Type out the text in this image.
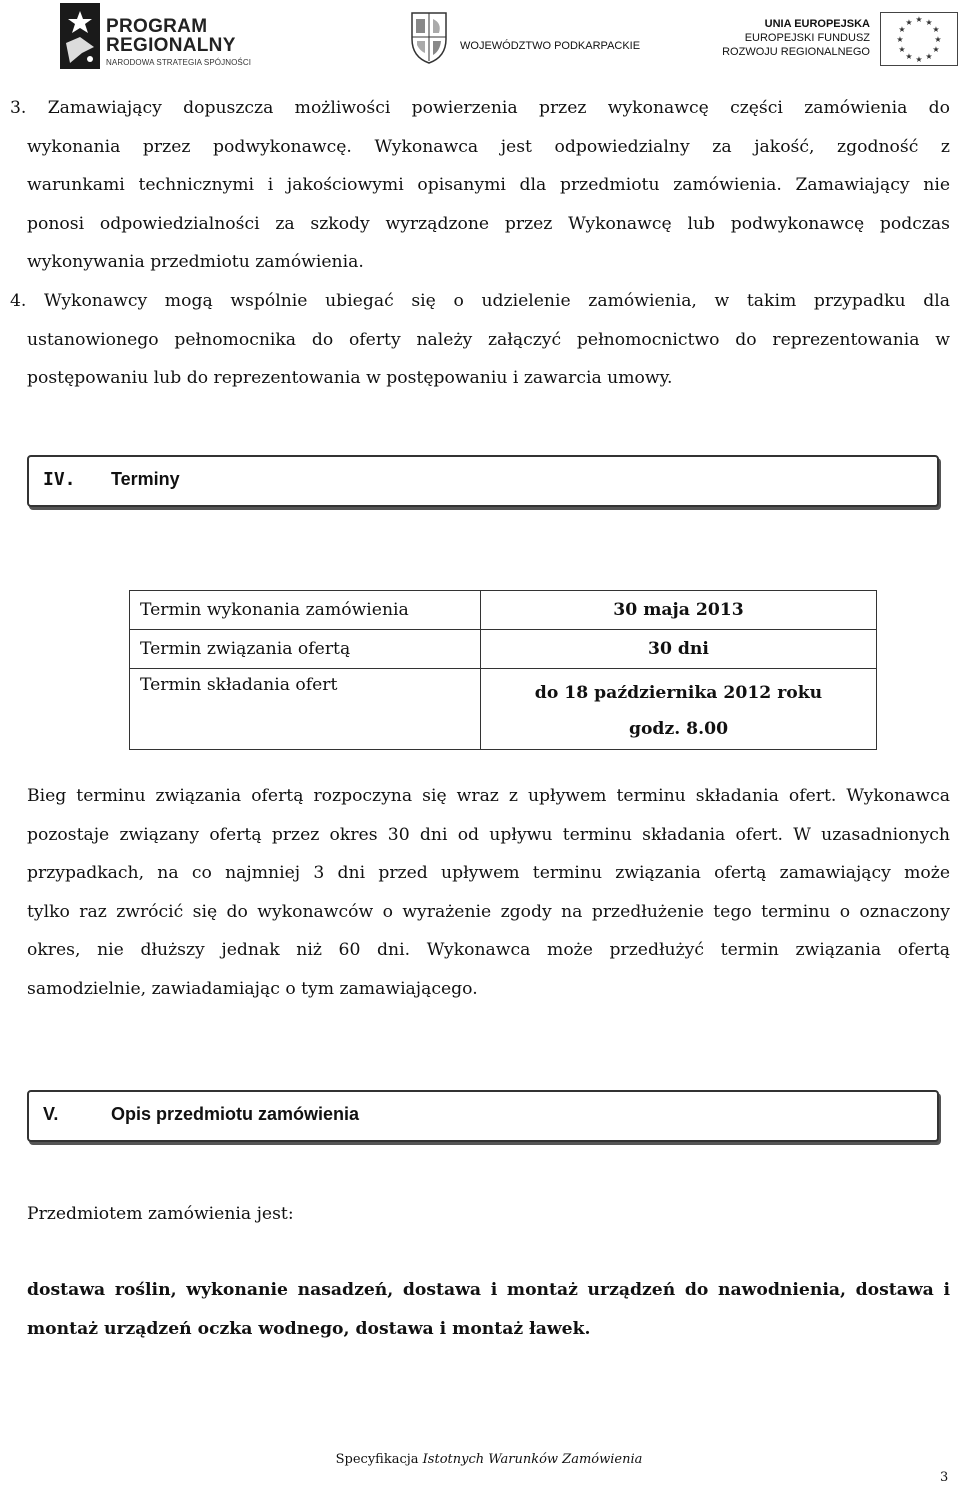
PROGRAM
REGIONALNY
NARODOWA STRATEGIA SPÓJNOŚCI
WOJEWÓDZTWO PODKARPACKIE
UNIA EUROPEJSKA
EUROPEJSKI FUNDUSZ
ROZWOJU REGIONALNEGO
★ ★
★
★
★
★
★
★
★
★
★
★
3. Zamawiający dopuszcza możliwości powierzenia przez wykonawcę części zamówienia do
wykonania przez podwykonawcę. Wykonawca jest odpowiedzialny za jakość, zgodność z
warunkami technicznymi i jakościowymi opisanymi dla przedmiotu zamówienia. Zamawiający nie
ponosi odpowiedzialności za szkody wyrządzone przez Wykonawcę lub podwykonawcę podczas
wykonywania przedmiotu zamówienia.
4. Wykonawcy mogą wspólnie ubiegać się o udzielenie zamówienia, w takim przypadku dla
ustanowionego pełnomocnika do oferty należy załączyć pełnomocnictwo do reprezentowania w
postępowaniu lub do reprezentowania w postępowaniu i zawarcia umowy.
IV. Terminy
Termin wykonania zamówienia	30 maja 2013
Termin związania ofertą	30 dni
Termin składania ofert	do 18 października 2012 roku
godz. 8.00
Bieg terminu związania ofertą rozpoczyna się wraz z upływem terminu składania ofert. Wykonawca
pozostaje związany ofertą przez okres 30 dni od upływu terminu składania ofert. W uzasadnionych
przypadkach, na co najmniej 3 dni przed upływem terminu związania ofertą zamawiający może
tylko raz zwrócić się do wykonawców o wyrażenie zgody na przedłużenie tego terminu o oznaczony
okres, nie dłuższy jednak niż 60 dni. Wykonawca może przedłużyć termin związania ofertą
samodzielnie, zawiadamiając o tym zamawiającego.
V.	Opis przedmiotu zamówienia
Przedmiotem zamówienia jest:
dostawa roślin, wykonanie nasadzeń, dostawa i montaż urządzeń do nawodnienia, dostawa i
montaż urządzeń oczka wodnego, dostawa i montaż ławek.
Specyfikacja Istotnych Warunków Zamówienia
3
